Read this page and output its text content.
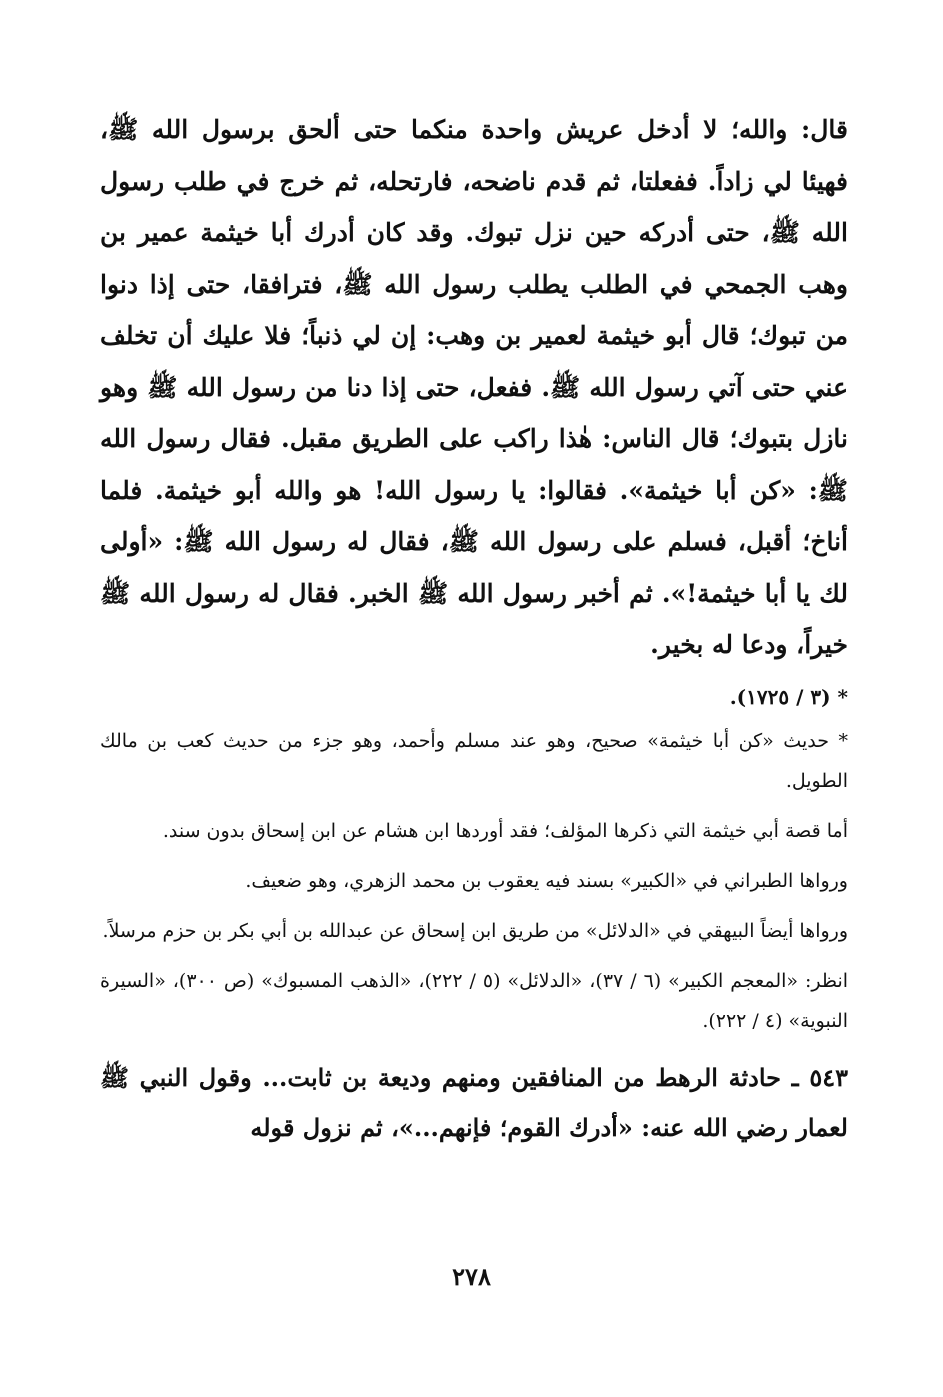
قال: والله؛ لا أدخل عريش واحدة منكما حتى ألحق برسول الله ﷺ، فهيئا لي زاداً. ففعلتا، ثم قدم ناضحه، فارتحله، ثم خرج في طلب رسول الله ﷺ، حتى أدركه حين نزل تبوك. وقد كان أدرك أبا خيثمة عمير بن وهب الجمحي في الطلب يطلب رسول الله ﷺ، فترافقا، حتى إذا دنوا من تبوك؛ قال أبو خيثمة لعمير بن وهب: إن لي ذنباً؛ فلا عليك أن تخلف عني حتى آتي رسول الله ﷺ. ففعل، حتى إذا دنا من رسول الله ﷺ وهو نازل بتبوك؛ قال الناس: هٰذا راكب على الطريق مقبل. فقال رسول الله ﷺ: «كن أبا خيثمة». فقالوا: يا رسول الله! هو والله أبو خيثمة. فلما أناخ؛ أقبل، فسلم على رسول الله ﷺ، فقال له رسول الله ﷺ: «أولى لك يا أبا خيثمة!». ثم أخبر رسول الله ﷺ الخبر. فقال له رسول الله ﷺ خيراً، ودعا له بخير.

* (٣ / ١٧٢٥).

* حديث «كن أبا خيثمة» صحيح، وهو عند مسلم وأحمد، وهو جزء من حديث كعب بن مالك الطويل.

أما قصة أبي خيثمة التي ذكرها المؤلف؛ فقد أوردها ابن هشام عن ابن إسحاق بدون سند.

ورواها الطبراني في «الكبير» بسند فيه يعقوب بن محمد الزهري، وهو ضعيف.

ورواها أيضاً البيهقي في «الدلائل» من طريق ابن إسحاق عن عبدالله بن أبي بكر بن حزم مرسلاً.

انظر: «المعجم الكبير» (٦ / ٣٧)، «الدلائل» (٥ / ٢٢٢)، «الذهب المسبوك» (ص ٣٠٠)، «السيرة النبوية» (٤ / ٢٢٢).

٥٤٣ ـ حادثة الرهط من المنافقين ومنهم وديعة بن ثابت... وقول النبي ﷺ لعمار رضي الله عنه: «أدرك القوم؛ فإنهم...»، ثم نزول قوله
٢٧٨
